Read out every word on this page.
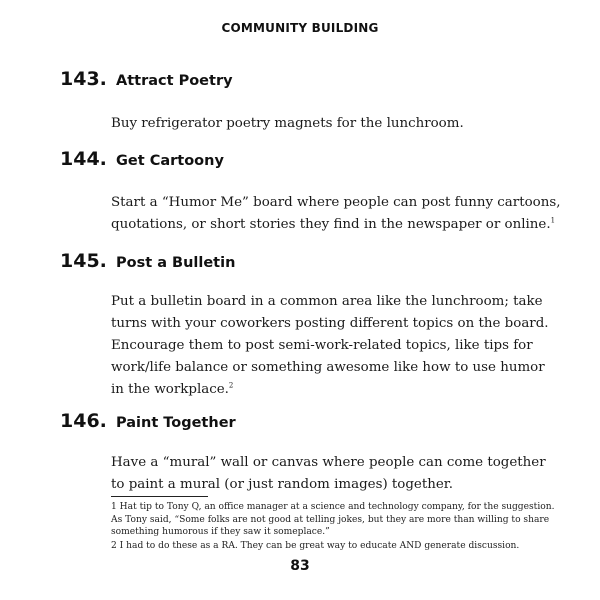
COMMUNITY BUILDING
143. Attract Poetry
Buy refrigerator poetry magnets for the lunchroom.
144. Get Cartoony
Start a “Humor Me” board where people can post funny cartoons, quotations, or short stories they find in the newspaper or online.$^1$
145. Post a Bulletin
Put a bulletin board in a common area like the lunchroom; take turns with your coworkers posting different topics on the board. Encourage them to post semi-work-related topics, like tips for work/life balance or something awesome like how to use humor in the workplace.$^2$
146. Paint Together
Have a “mural” wall or canvas where people can come together to paint a mural (or just random images) together.
1 Hat tip to Tony Q, an office manager at a science and technology company, for the suggestion. As Tony said, “Some folks are not good at telling jokes, but they are more than willing to share something humorous if they saw it someplace.”
2 I had to do these as a RA. They can be great way to educate AND generate discussion.
83
